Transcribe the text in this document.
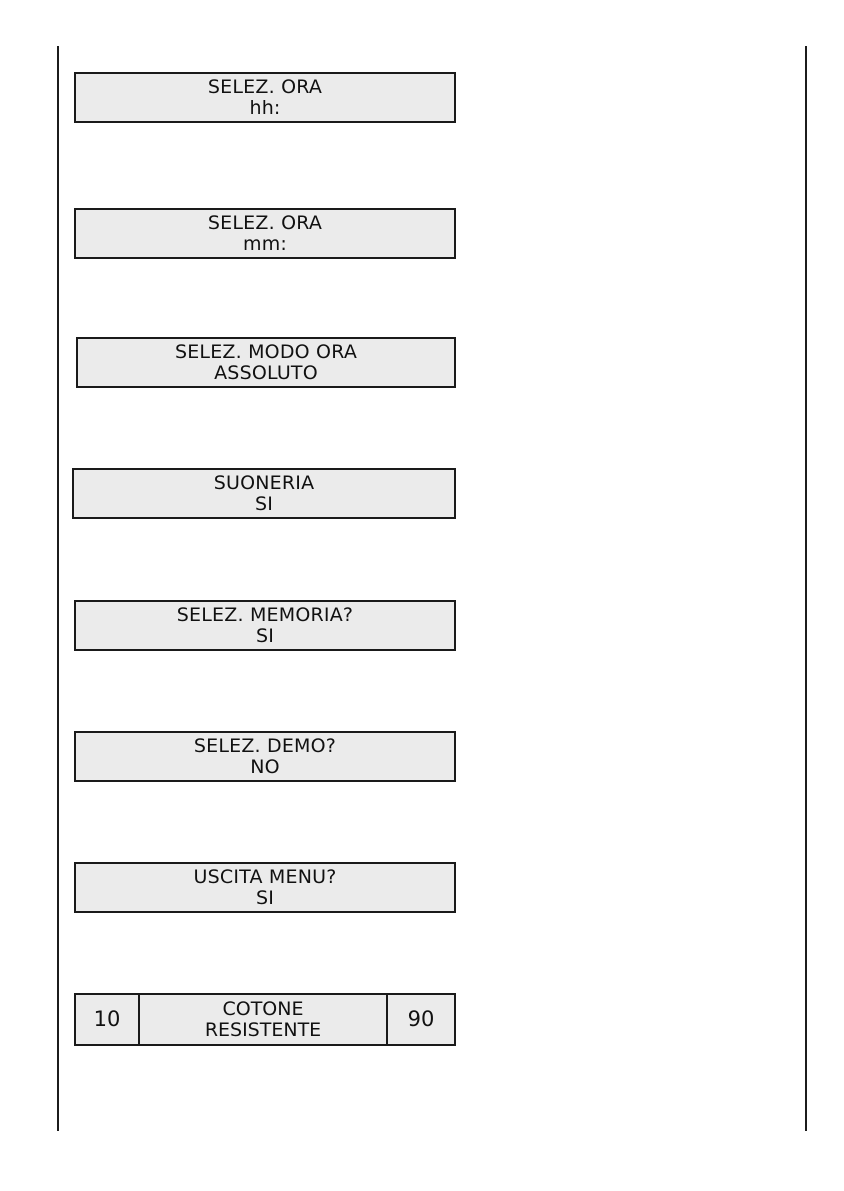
SELEZ. ORA
hh:
SELEZ. ORA
mm:
SELEZ. MODO ORA
ASSOLUTO
SUONERIA
SI
SELEZ. MEMORIA?
SI
SELEZ. DEMO?
NO
USCITA MENU?
SI
10	COTONE
RESISTENTE	90
